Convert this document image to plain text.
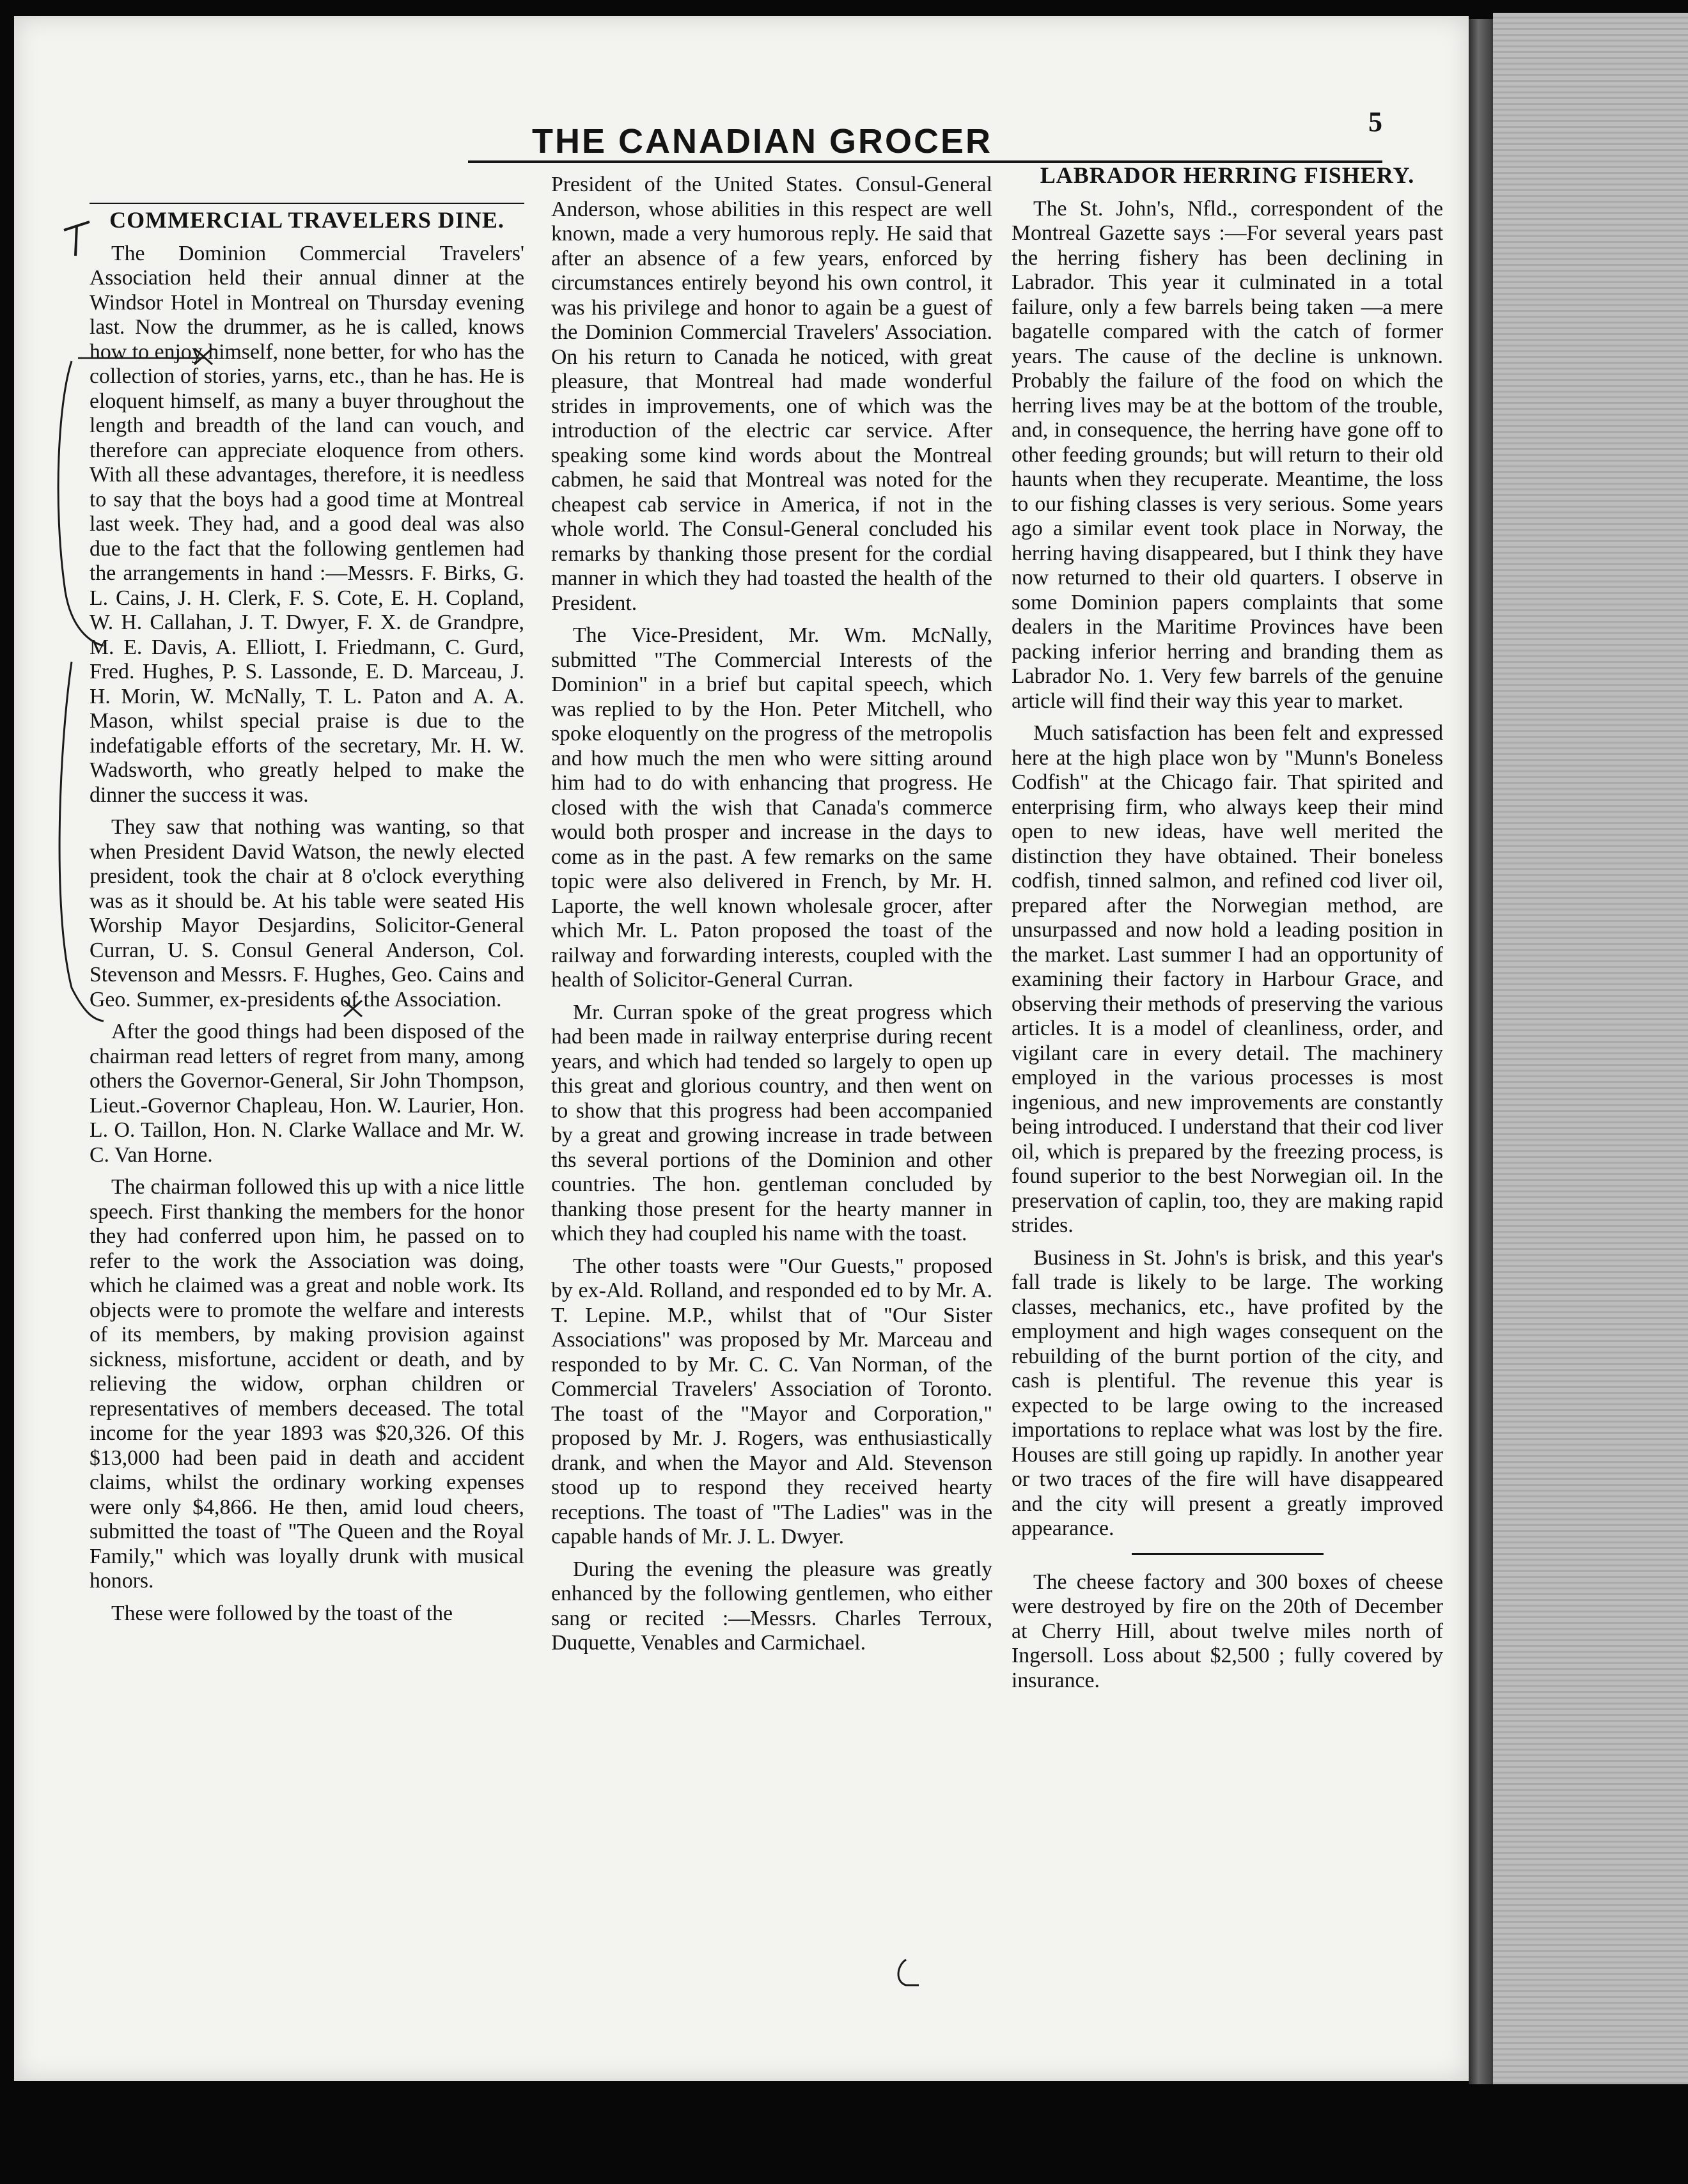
THE CANADIAN GROCER
5
COMMERCIAL TRAVELERS DINE.

The Dominion Commercial Travelers' Association held their annual dinner at the Windsor Hotel in Montreal on Thursday evening last. Now the drummer, as he is called, knows how to enjoy himself, none better, for who has the collection of stories, yarns, etc., than he has. He is eloquent himself, as many a buyer throughout the length and breadth of the land can vouch, and therefore can appreciate eloquence from others. With all these advantages, therefore, it is needless to say that the boys had a good time at Montreal last week. They had, and a good deal was also due to the fact that the following gentlemen had the arrangements in hand :—Messrs. F. Birks, G. L. Cains, J. H. Clerk, F. S. Cote, E. H. Copland, W. H. Callahan, J. T. Dwyer, F. X. de Grandpre, M. E. Davis, A. Elliott, I. Friedmann, C. Gurd, Fred. Hughes, P. S. Lassonde, E. D. Marceau, J. H. Morin, W. McNally, T. L. Paton and A. A. Mason, whilst special praise is due to the indefatigable efforts of the secretary, Mr. H. W. Wadsworth, who greatly helped to make the dinner the success it was.

They saw that nothing was wanting, so that when President David Watson, the newly elected president, took the chair at 8 o'clock everything was as it should be. At his table were seated His Worship Mayor Desjardins, Solicitor-General Curran, U. S. Consul General Anderson, Col. Stevenson and Messrs. F. Hughes, Geo. Cains and Geo. Summer, ex-presidents of the Association.

After the good things had been disposed of the chairman read letters of regret from many, among others the Governor-General, Sir John Thompson, Lieut.-Governor Chapleau, Hon. W. Laurier, Hon. L. O. Taillon, Hon. N. Clarke Wallace and Mr. W. C. Van Horne.

The chairman followed this up with a nice little speech. First thanking the members for the honor they had conferred upon him, he passed on to refer to the work the Association was doing, which he claimed was a great and noble work. Its objects were to promote the welfare and interests of its members, by making provision against sickness, misfortune, accident or death, and by relieving the widow, orphan children or representatives of members deceased. The total income for the year 1893 was $20,326. Of this $13,000 had been paid in death and accident claims, whilst the ordinary working expenses were only $4,866. He then, amid loud cheers, submitted the toast of "The Queen and the Royal Family," which was loyally drunk with musical honors.

These were followed by the toast of the

President of the United States. Consul-General Anderson, whose abilities in this respect are well known, made a very humorous reply. He said that after an absence of a few years, enforced by circumstances entirely beyond his own control, it was his privilege and honor to again be a guest of the Dominion Commercial Travelers' Association. On his return to Canada he noticed, with great pleasure, that Montreal had made wonderful strides in improvements, one of which was the introduction of the electric car service. After speaking some kind words about the Montreal cabmen, he said that Montreal was noted for the cheapest cab service in America, if not in the whole world. The Consul-General concluded his remarks by thanking those present for the cordial manner in which they had toasted the health of the President.

The Vice-President, Mr. Wm. McNally, submitted "The Commercial Interests of the Dominion" in a brief but capital speech, which was replied to by the Hon. Peter Mitchell, who spoke eloquently on the progress of the metropolis and how much the men who were sitting around him had to do with enhancing that progress. He closed with the wish that Canada's commerce would both prosper and increase in the days to come as in the past. A few remarks on the same topic were also delivered in French, by Mr. H. Laporte, the well known wholesale grocer, after which Mr. L. Paton proposed the toast of the railway and forwarding interests, coupled with the health of Solicitor-General Curran.

Mr. Curran spoke of the great progress which had been made in railway enterprise during recent years, and which had tended so largely to open up this great and glorious country, and then went on to show that this progress had been accompanied by a great and growing increase in trade between ths several portions of the Dominion and other countries. The hon. gentleman concluded by thanking those present for the hearty manner in which they had coupled his name with the toast.

The other toasts were "Our Guests," proposed by ex-Ald. Rolland, and responded ed to by Mr. A. T. Lepine. M.P., whilst that of "Our Sister Associations" was proposed by Mr. Marceau and responded to by Mr. C. C. Van Norman, of the Commercial Travelers' Association of Toronto. The toast of the "Mayor and Corporation," proposed by Mr. J. Rogers, was enthusiastically drank, and when the Mayor and Ald. Stevenson stood up to respond they received hearty receptions. The toast of "The Ladies" was in the capable hands of Mr. J. L. Dwyer.

During the evening the pleasure was greatly enhanced by the following gentlemen, who either sang or recited :—Messrs. Charles Terroux, Duquette, Venables and Carmichael.

LABRADOR HERRING FISHERY.

The St. John's, Nfld., correspondent of the Montreal Gazette says :—For several years past the herring fishery has been declining in Labrador. This year it culminated in a total failure, only a few barrels being taken —a mere bagatelle compared with the catch of former years. The cause of the decline is unknown. Probably the failure of the food on which the herring lives may be at the bottom of the trouble, and, in consequence, the herring have gone off to other feeding grounds; but will return to their old haunts when they recuperate. Meantime, the loss to our fishing classes is very serious. Some years ago a similar event took place in Norway, the herring having disappeared, but I think they have now returned to their old quarters. I observe in some Dominion papers complaints that some dealers in the Maritime Provinces have been packing inferior herring and branding them as Labrador No. 1. Very few barrels of the genuine article will find their way this year to market.

Much satisfaction has been felt and expressed here at the high place won by "Munn's Boneless Codfish" at the Chicago fair. That spirited and enterprising firm, who always keep their mind open to new ideas, have well merited the distinction they have obtained. Their boneless codfish, tinned salmon, and refined cod liver oil, prepared after the Norwegian method, are unsurpassed and now hold a leading position in the market. Last summer I had an opportunity of examining their factory in Harbour Grace, and observing their methods of preserving the various articles. It is a model of cleanliness, order, and vigilant care in every detail. The machinery employed in the various processes is most ingenious, and new improvements are constantly being introduced. I understand that their cod liver oil, which is prepared by the freezing process, is found superior to the best Norwegian oil. In the preservation of caplin, too, they are making rapid strides.

Business in St. John's is brisk, and this year's fall trade is likely to be large. The working classes, mechanics, etc., have profited by the employment and high wages consequent on the rebuilding of the burnt portion of the city, and cash is plentiful. The revenue this year is expected to be large owing to the increased importations to replace what was lost by the fire. Houses are still going up rapidly. In another year or two traces of the fire will have disappeared and the city will present a greatly improved appearance.

The cheese factory and 300 boxes of cheese were destroyed by fire on the 20th of December at Cherry Hill, about twelve miles north of Ingersoll. Loss about $2,500 ; fully covered by insurance.
